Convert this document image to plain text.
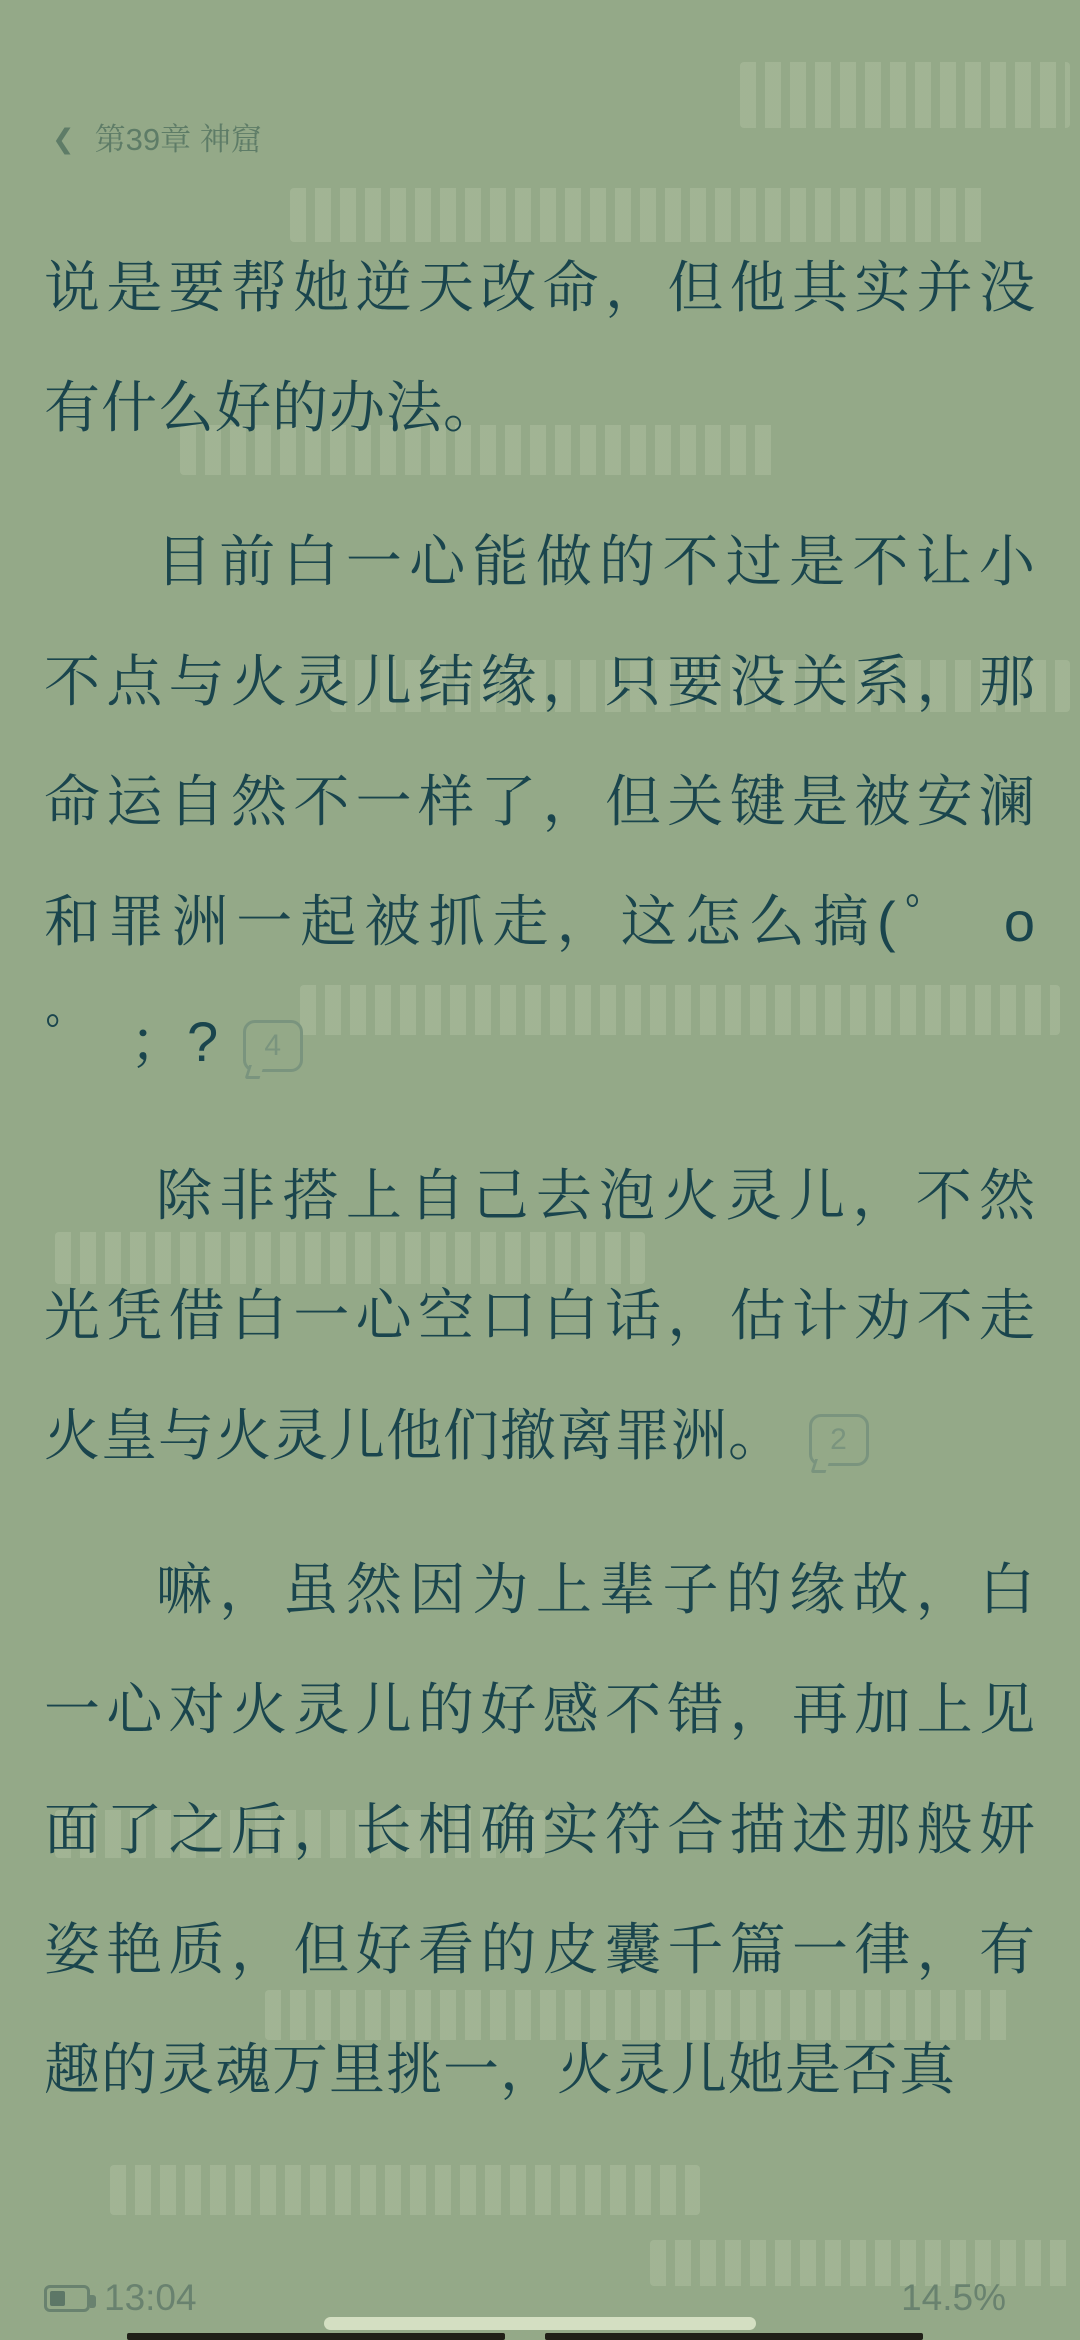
❮ 第39章 神窟
说是要帮她逆天改命，但他其实并没
有什么好的办法。
目前白一心能做的不过是不让小
不点与火灵儿结缘，只要没关系，那
命运自然不一样了，但关键是被安澜
和罪洲一起被抓走，这怎么搞(ﾟ　o
ﾟ　；? 4
除非搭上自己去泡火灵儿，不然
光凭借白一心空口白话，估计劝不走
火皇与火灵儿他们撤离罪洲。 2
嘛，虽然因为上辈子的缘故，白
一心对火灵儿的好感不错，再加上见
面了之后，长相确实符合描述那般妍
姿艳质，但好看的皮囊千篇一律，有
趣的灵魂万里挑一，火灵儿她是否真
13:04	14.5%
